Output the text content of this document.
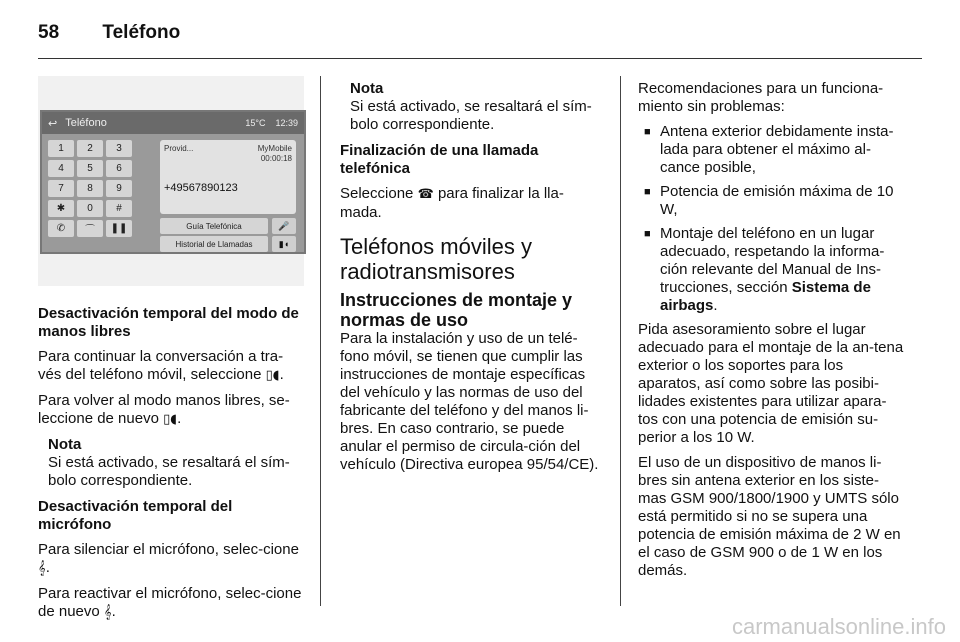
58 Teléfono
↩ Teléfono	15°C 12:39
1	2	3
4	5	6
7	8	9
✱	0	#
✆	⌒	❚❚
Provid...	MyMobile
00:00:18
+49567890123
Guía Telefónica
Historial de Llamadas
🎤
▮◖

Desactivación temporal del modo de manos libres

Para continuar la conversación a tra-vés del teléfono móvil, seleccione ▯◖.

Para volver al modo manos libres, se-leccione de nuevo ▯◖.

Nota
Si está activado, se resaltará el sím-bolo correspondiente.

Desactivación temporal del micrófono

Para silenciar el micrófono, selec-cione 𝄞.

Para reactivar el micrófono, selec-cione de nuevo 𝄞.

Nota
Si está activado, se resaltará el sím-bolo correspondiente.

Finalización de una llamada telefónica

Seleccione ☎ para finalizar la lla-mada.

Teléfonos móviles y radiotransmisores
Instrucciones de montaje y normas de uso

Para la instalación y uso de un telé-fono móvil, se tienen que cumplir las instrucciones de montaje específicas del vehículo y las normas de uso del fabricante del teléfono y del manos li-bres. En caso contrario, se puede anular el permiso de circula-ción del vehículo (Directiva europea 95/54/CE).

Recomendaciones para un funciona-miento sin problemas:

■ Antena exterior debidamente insta-lada para obtener el máximo al-cance posible,
■ Potencia de emisión máxima de 10 W,
■ Montaje del teléfono en un lugar adecuado, respetando la informa-ción relevante del Manual de Ins-trucciones, sección Sistema de airbags.

Pida asesoramiento sobre el lugar adecuado para el montaje de la an-tena exterior o los soportes para los aparatos, así como sobre las posibi-lidades existentes para utilizar apara-tos con una potencia de emisión su-perior a los 10 W.

El uso de un dispositivo de manos li-bres sin antena exterior en los siste-mas GSM 900/1800/1900 y UMTS sólo está permitido si no se supera una potencia de emisión máxima de 2 W en el caso de GSM 900 o de 1 W en los demás.

carmanualsonline.info
